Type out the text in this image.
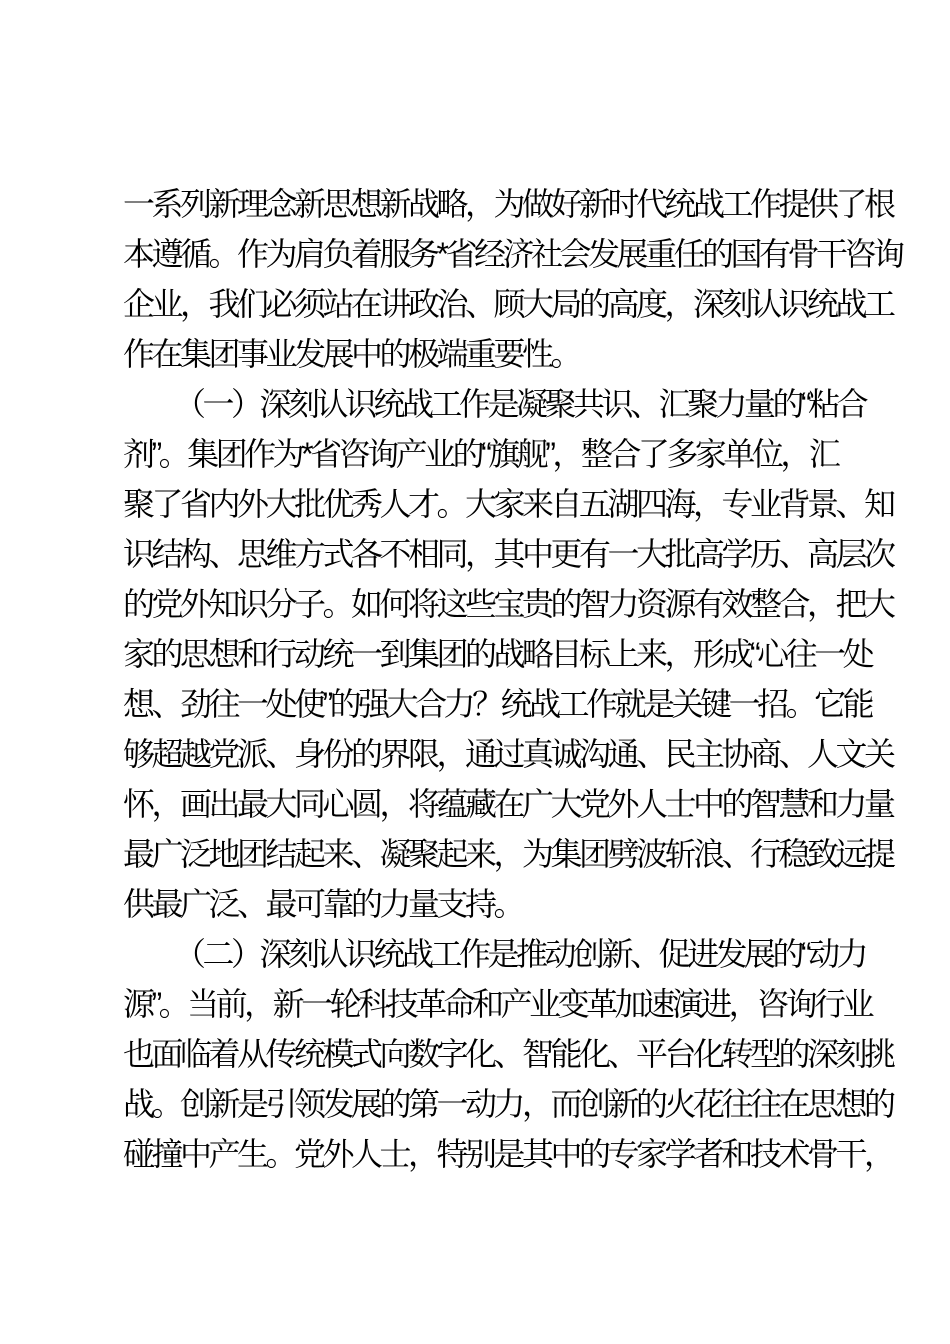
一系列新理念新思想新战略，为做好新时代统战工作提供了根
本遵循。作为肩负着服务*省经济社会发展重任的国有骨干咨询
企业，我们必须站在讲政治、顾大局的高度，深刻认识统战工
作在集团事业发展中的极端重要性。
（一）深刻认识统战工作是凝聚共识、汇聚力量的“粘合
剂”。集团作为*省咨询产业的“旗舰”，整合了多家单位，汇
聚了省内外大批优秀人才。大家来自五湖四海，专业背景、知
识结构、思维方式各不相同，其中更有一大批高学历、高层次
的党外知识分子。如何将这些宝贵的智力资源有效整合，把大
家的思想和行动统一到集团的战略目标上来，形成“心往一处
想、劲往一处使”的强大合力？统战工作就是关键一招。它能
够超越党派、身份的界限，通过真诚沟通、民主协商、人文关
怀，画出最大同心圆，将蕴藏在广大党外人士中的智慧和力量
最广泛地团结起来、凝聚起来，为集团劈波斩浪、行稳致远提
供最广泛、最可靠的力量支持。
（二）深刻认识统战工作是推动创新、促进发展的“动力
源”。当前，新一轮科技革命和产业变革加速演进，咨询行业
也面临着从传统模式向数字化、智能化、平台化转型的深刻挑
战。创新是引领发展的第一动力，而创新的火花往往在思想的
碰撞中产生。党外人士，特别是其中的专家学者和技术骨干，
